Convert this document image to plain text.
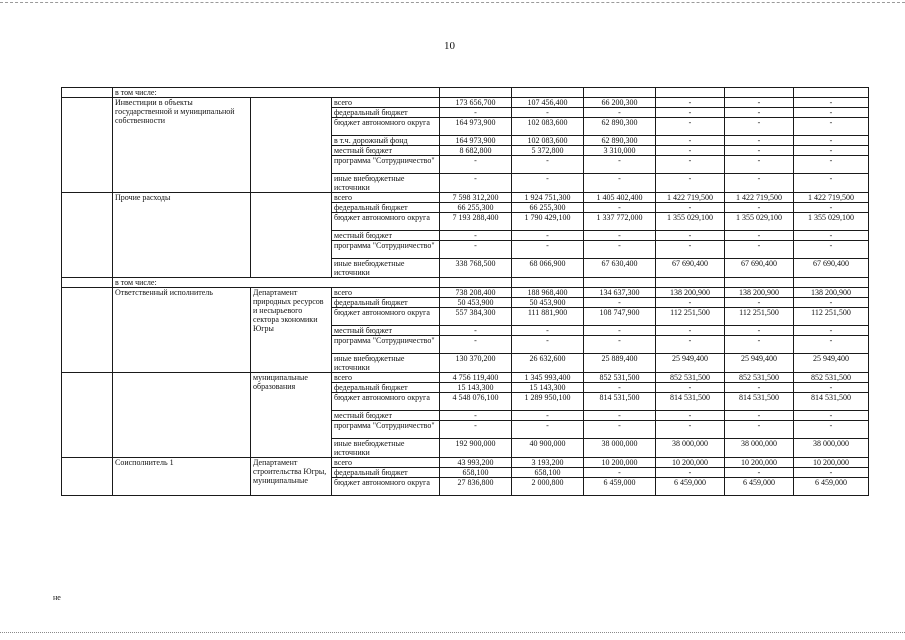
10
	в том числе:								
	Инвестиции в объекты государственной и муниципальной собственности		всего	173 656,700	107 456,400	66 200,300	-	-	-
			федеральный бюджет	-	-	-	-	-	-
			бюджет автономного округа	164 973,900	102 083,600	62 890,300	-	-	-
			в т.ч. дорожный фонд	164 973,900	102 083,600	62 890,300	-	-	-
			местный бюджет	8 682,800	5 372,800	3 310,000	-	-	-
			программа "Сотрудничество"	-	-	-	-	-	-
			иные внебюджетные источники	-	-	-	-	-	-
	Прочие расходы		всего	7 598 312,200	1 924 751,300	1 405 402,400	1 422 719,500	1 422 719,500	1 422 719,500
			федеральный бюджет	66 255,300	66 255,300	-	-	-	-
			бюджет автономного округа	7 193 288,400	1 790 429,100	1 337 772,000	1 355 029,100	1 355 029,100	1 355 029,100
			местный бюджет	-	-	-	-	-	-
			программа "Сотрудничество"	-	-	-	-	-	-
			иные внебюджетные источники	338 768,500	68 066,900	67 630,400	67 690,400	67 690,400	67 690,400
	в том числе:								
	Ответственный исполнитель	Департамент природных ресурсов и несырьевого сектора экономики Югры	всего	738 208,400	188 968,400	134 637,300	138 200,900	138 200,900	138 200,900
			федеральный бюджет	50 453,900	50 453,900	-	-	-	-
			бюджет автономного округа	557 384,300	111 881,900	108 747,900	112 251,500	112 251,500	112 251,500
			местный бюджет	-	-	-	-	-	-
			программа "Сотрудничество"	-	-	-	-	-	-
			иные внебюджетные источники	130 370,200	26 632,600	25 889,400	25 949,400	25 949,400	25 949,400
		муниципальные образования	всего	4 756 119,400	1 345 993,400	852 531,500	852 531,500	852 531,500	852 531,500
			федеральный бюджет	15 143,300	15 143,300	-	-	-	-
			бюджет автономного округа	4 548 076,100	1 289 950,100	814 531,500	814 531,500	814 531,500	814 531,500
			местный бюджет	-	-	-	-	-	-
			программа "Сотрудничество"	-	-	-	-	-	-
			иные внебюджетные источники	192 900,000	40 900,000	38 000,000	38 000,000	38 000,000	38 000,000
	Соисполнитель 1	Департамент строительства Югры, муниципальные	всего	43 993,200	3 193,200	10 200,000	10 200,000	10 200,000	10 200,000
			федеральный бюджет	658,100	658,100	-	-	-	-
			бюджет автономного округа	27 836,800	2 000,800	6 459,000	6 459,000	6 459,000	6 459,000
не
